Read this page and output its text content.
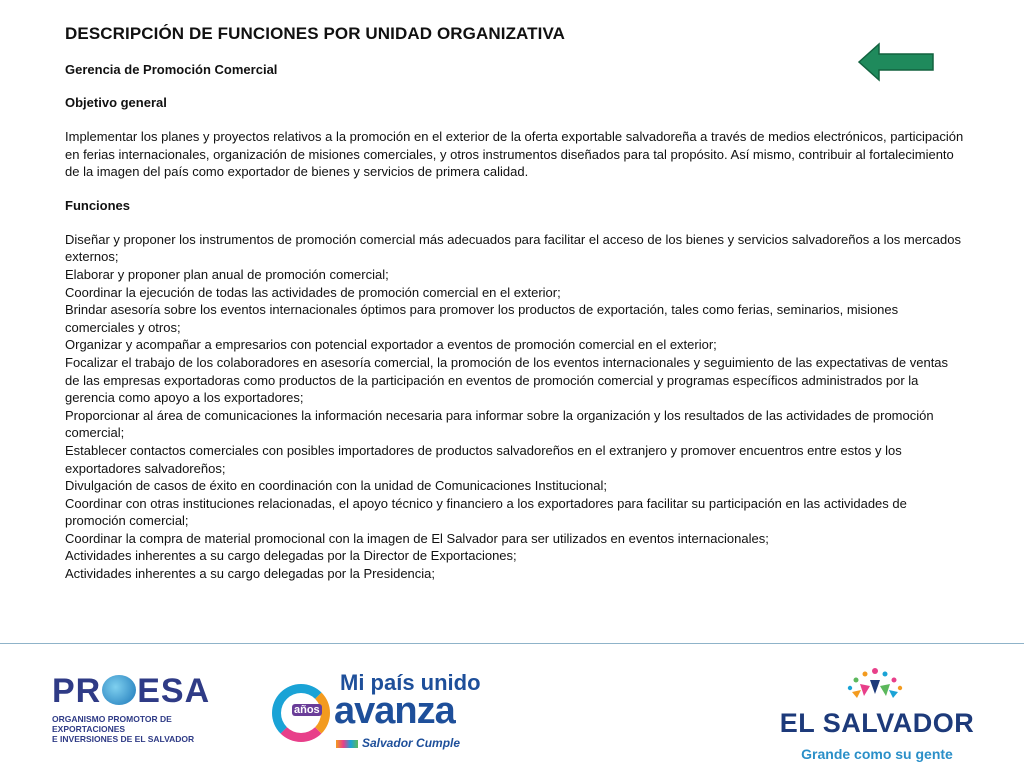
DESCRIPCIÓN DE FUNCIONES POR UNIDAD ORGANIZATIVA
Gerencia de Promoción Comercial
Objetivo general
Implementar los planes y proyectos relativos a la promoción en el exterior de la oferta exportable salvadoreña a través de medios electrónicos, participación en ferias internacionales, organización de misiones comerciales, y otros instrumentos diseñados para tal propósito. Así mismo, contribuir al fortalecimiento de la imagen del país como exportador de bienes y servicios de primera calidad.
Funciones
Diseñar y proponer los instrumentos de promoción comercial más adecuados para facilitar el acceso de los bienes y servicios salvadoreños a los mercados externos;
Elaborar y proponer plan anual de promoción comercial;
Coordinar la ejecución de todas las actividades de promoción comercial en el exterior;
Brindar asesoría sobre los eventos internacionales óptimos para promover los productos de exportación, tales como ferias, seminarios, misiones comerciales y otros;
Organizar y acompañar a empresarios con potencial exportador a eventos de promoción comercial en el exterior;
Focalizar el trabajo de los colaboradores en asesoría comercial, la promoción de los eventos internacionales y seguimiento de las expectativas de ventas de las empresas exportadoras como productos de la participación en eventos de promoción comercial y programas específicos administrados por la gerencia como apoyo a los exportadores;
Proporcionar al área de comunicaciones la información necesaria para informar sobre la organización y los resultados de las actividades de promoción comercial;
Establecer contactos comerciales con posibles importadores de productos salvadoreños en el extranjero y promover encuentros entre estos y los exportadores salvadoreños;
Divulgación de casos de éxito en coordinación con la unidad de Comunicaciones Institucional;
Coordinar con otras instituciones relacionadas, el apoyo técnico y financiero a los exportadores para facilitar su participación en las actividades de promoción comercial;
Coordinar la compra de material promocional con la imagen de El Salvador para ser utilizados en eventos internacionales;
Actividades inherentes a su cargo delegadas por la Director de Exportaciones;
Actividades inherentes a su cargo delegadas por la Presidencia;
PR ESA
ORGANISMO PROMOTOR DE EXPORTACIONES
E INVERSIONES DE EL SALVADOR
años
Mi país unido
avanza
Salvador Cumple
EL SALVADOR
Grande como su gente
